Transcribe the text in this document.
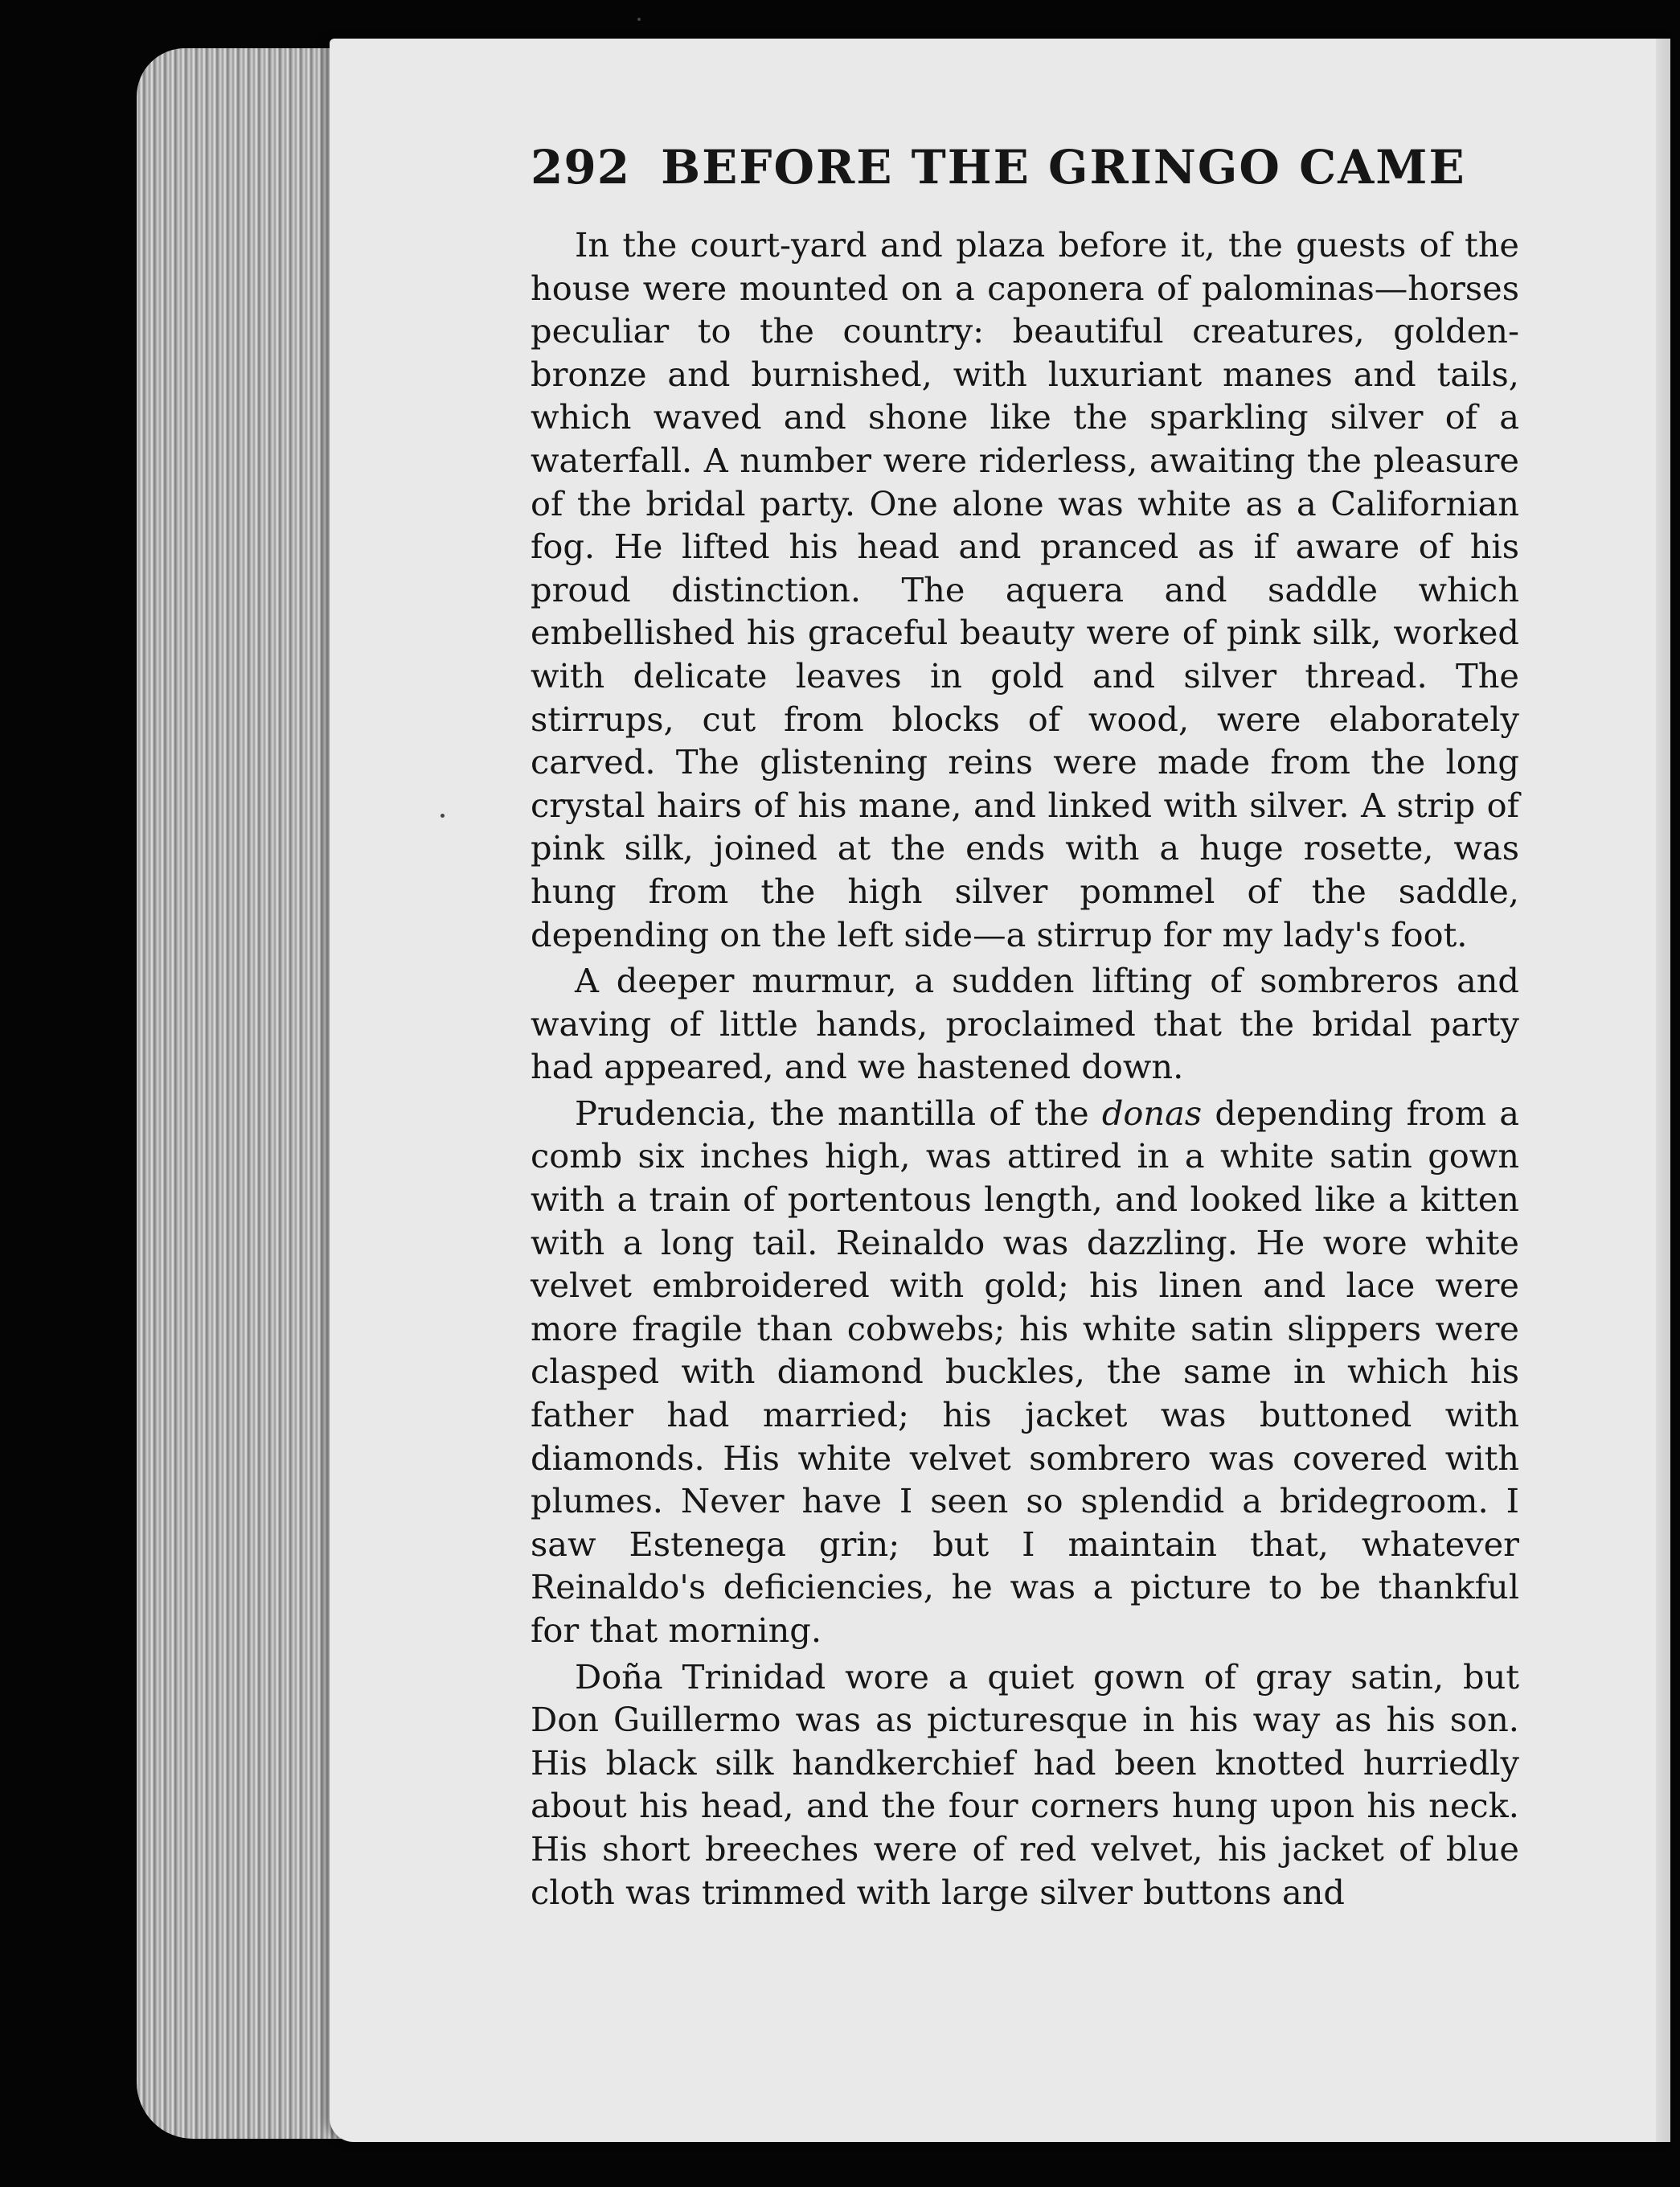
292 BEFORE THE GRINGO CAME

In the court-yard and plaza before it, the guests of the house were mounted on a caponera of palominas—horses peculiar to the country: beautiful creatures, golden-bronze and burnished, with luxuriant manes and tails, which waved and shone like the sparkling silver of a waterfall. A number were riderless, awaiting the pleasure of the bridal party. One alone was white as a Californian fog. He lifted his head and pranced as if aware of his proud distinction. The aquera and saddle which embellished his graceful beauty were of pink silk, worked with delicate leaves in gold and silver thread. The stirrups, cut from blocks of wood, were elaborately carved. The glistening reins were made from the long crystal hairs of his mane, and linked with silver. A strip of pink silk, joined at the ends with a huge rosette, was hung from the high silver pommel of the saddle, depending on the left side—a stirrup for my lady's foot.

A deeper murmur, a sudden lifting of sombreros and waving of little hands, proclaimed that the bridal party had appeared, and we hastened down.

Prudencia, the mantilla of the donas depending from a comb six inches high, was attired in a white satin gown with a train of portentous length, and looked like a kitten with a long tail. Reinaldo was dazzling. He wore white velvet embroidered with gold; his linen and lace were more fragile than cobwebs; his white satin slippers were clasped with diamond buckles, the same in which his father had married; his jacket was buttoned with diamonds. His white velvet sombrero was covered with plumes. Never have I seen so splendid a bridegroom. I saw Estenega grin; but I maintain that, whatever Reinaldo's deficiencies, he was a picture to be thankful for that morning.

Doña Trinidad wore a quiet gown of gray satin, but Don Guillermo was as picturesque in his way as his son. His black silk handkerchief had been knotted hurriedly about his head, and the four corners hung upon his neck. His short breeches were of red velvet, his jacket of blue cloth was trimmed with large silver buttons and
